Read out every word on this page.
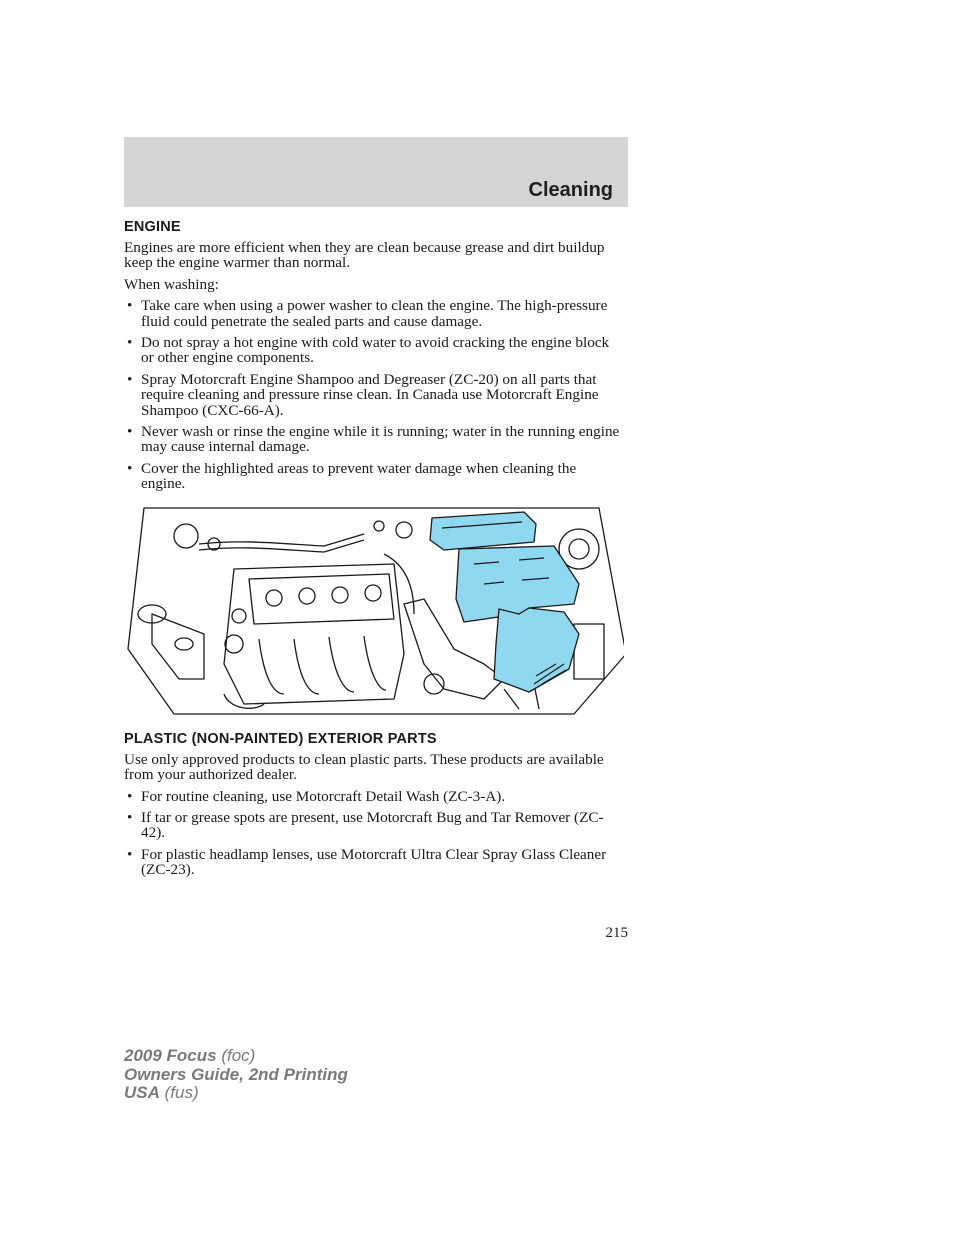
Cleaning
ENGINE

Engines are more efficient when they are clean because grease and dirt buildup keep the engine warmer than normal.

When washing:

• Take care when using a power washer to clean the engine. The high-pressure fluid could penetrate the sealed parts and cause damage.
• Do not spray a hot engine with cold water to avoid cracking the engine block or other engine components.
• Spray Motorcraft Engine Shampoo and Degreaser (ZC-20) on all parts that require cleaning and pressure rinse clean. In Canada use Motorcraft Engine Shampoo (CXC-66-A).
• Never wash or rinse the engine while it is running; water in the running engine may cause internal damage.
• Cover the highlighted areas to prevent water damage when cleaning the engine.
PLASTIC (NON-PAINTED) EXTERIOR PARTS

Use only approved products to clean plastic parts. These products are available from your authorized dealer.

• For routine cleaning, use Motorcraft Detail Wash (ZC-3-A).
• If tar or grease spots are present, use Motorcraft Bug and Tar Remover (ZC-42).
• For plastic headlamp lenses, use Motorcraft Ultra Clear Spray Glass Cleaner (ZC-23).
215
2009 Focus (foc)
Owners Guide, 2nd Printing
USA (fus)
